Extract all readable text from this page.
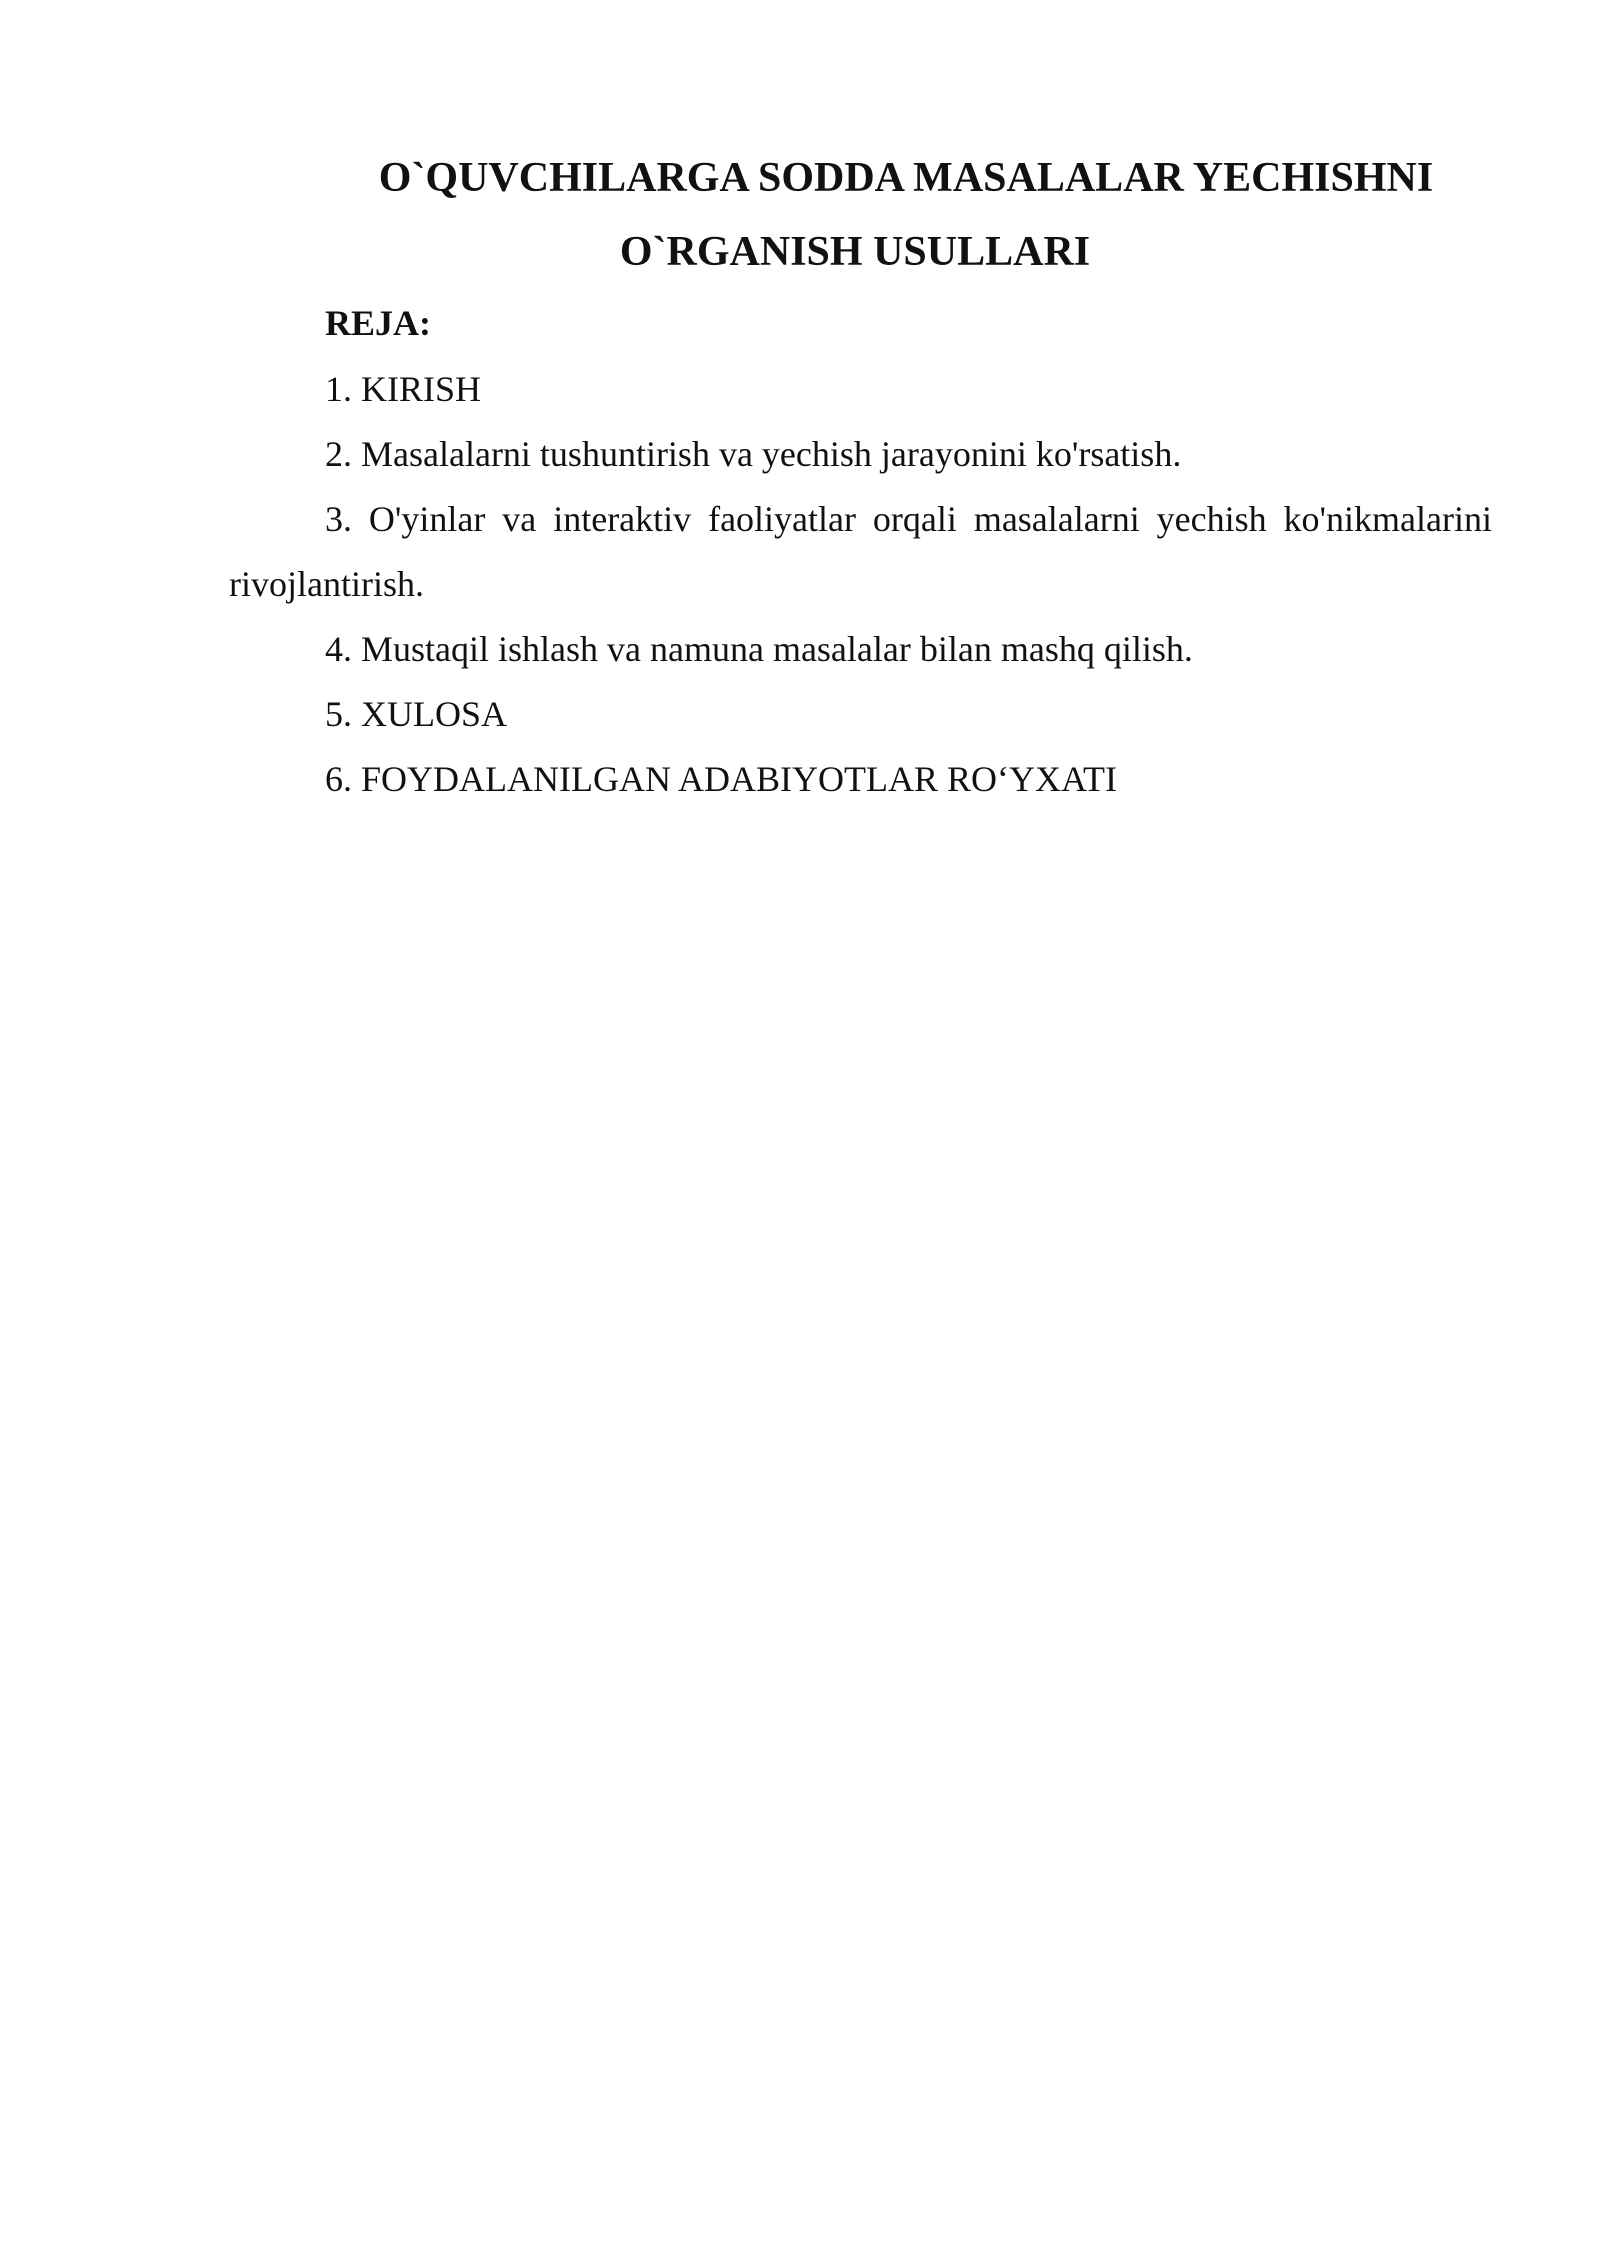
O`QUVCHILARGA SODDA MASALALAR YECHISHNI
O`RGANISH USULLARI
REJA:
1. KIRISH
2. Masalalarni tushuntirish va yechish jarayonini ko'rsatish.
3. O'yinlar va interaktiv faoliyatlar orqali masalalarni yechish ko'nikmalarini
rivojlantirish.
4. Mustaqil ishlash va namuna masalalar bilan mashq qilish.
5. XULOSA
6. FOYDALANILGAN ADABIYOTLAR RO‘YXATI
